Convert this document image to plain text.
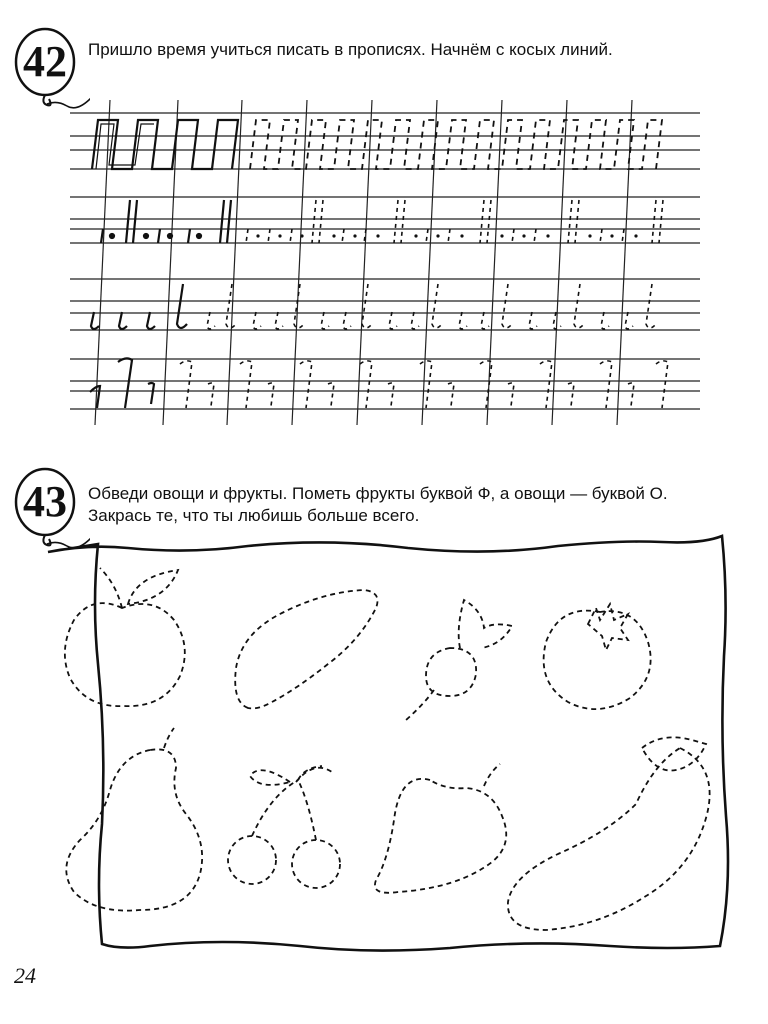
42	Пришло время учиться писать в прописях. Начнём с косых линий.
43	Обведи овощи и фрукты. Пометь фрукты буквой Ф, а овощи — буквой О.
Закрась те, что ты любишь больше всего.
24
